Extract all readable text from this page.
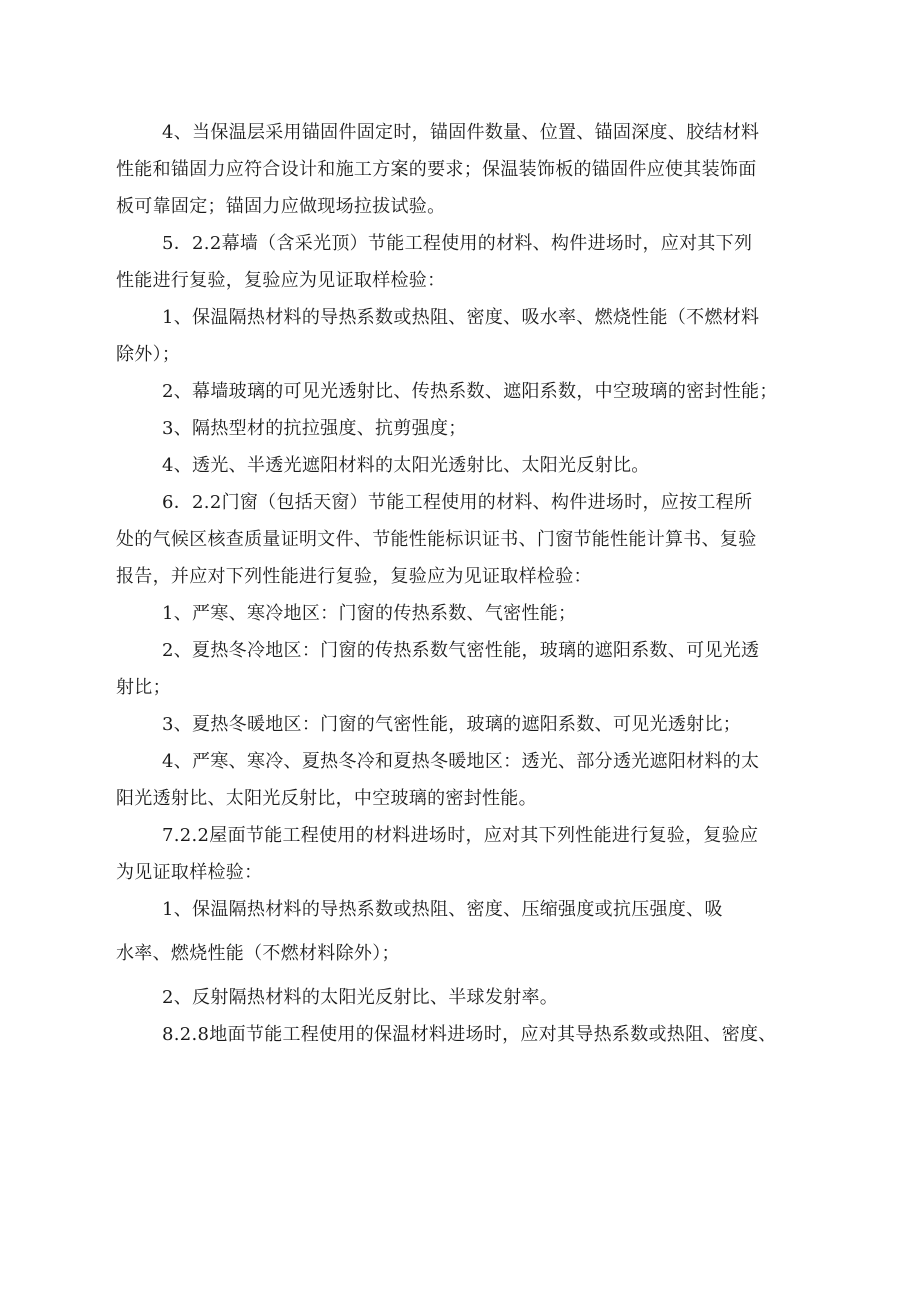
4、当保温层采用锚固件固定时，锚固件数量、位置、锚固深度、胶结材料
性能和锚固力应符合设计和施工方案的要求；保温装饰板的锚固件应使其装饰面
板可靠固定；锚固力应做现场拉拔试验。
5．2.2幕墙（含采光顶）节能工程使用的材料、构件进场时，应对其下列
性能进行复验，复验应为见证取样检验：
1、保温隔热材料的导热系数或热阻、密度、吸水率、燃烧性能（不燃材料
除外）；
2、幕墙玻璃的可见光透射比、传热系数、遮阳系数，中空玻璃的密封性能；
3、隔热型材的抗拉强度、抗剪强度；
4、透光、半透光遮阳材料的太阳光透射比、太阳光反射比。
6．2.2门窗（包括天窗）节能工程使用的材料、构件进场时，应按工程所
处的气候区核查质量证明文件、节能性能标识证书、门窗节能性能计算书、复验
报告，并应对下列性能进行复验，复验应为见证取样检验：
1、严寒、寒冷地区：门窗的传热系数、气密性能；
2、夏热冬冷地区：门窗的传热系数气密性能，玻璃的遮阳系数、可见光透
射比；
3、夏热冬暖地区：门窗的气密性能，玻璃的遮阳系数、可见光透射比；
4、严寒、寒冷、夏热冬冷和夏热冬暖地区：透光、部分透光遮阳材料的太
阳光透射比、太阳光反射比，中空玻璃的密封性能。
7.2.2屋面节能工程使用的材料进场时，应对其下列性能进行复验，复验应
为见证取样检验：
1、保温隔热材料的导热系数或热阻、密度、压缩强度或抗压强度、吸
水率、燃烧性能（不燃材料除外）；
2、反射隔热材料的太阳光反射比、半球发射率。
8.2.8地面节能工程使用的保温材料进场时，应对其导热系数或热阻、密度、
